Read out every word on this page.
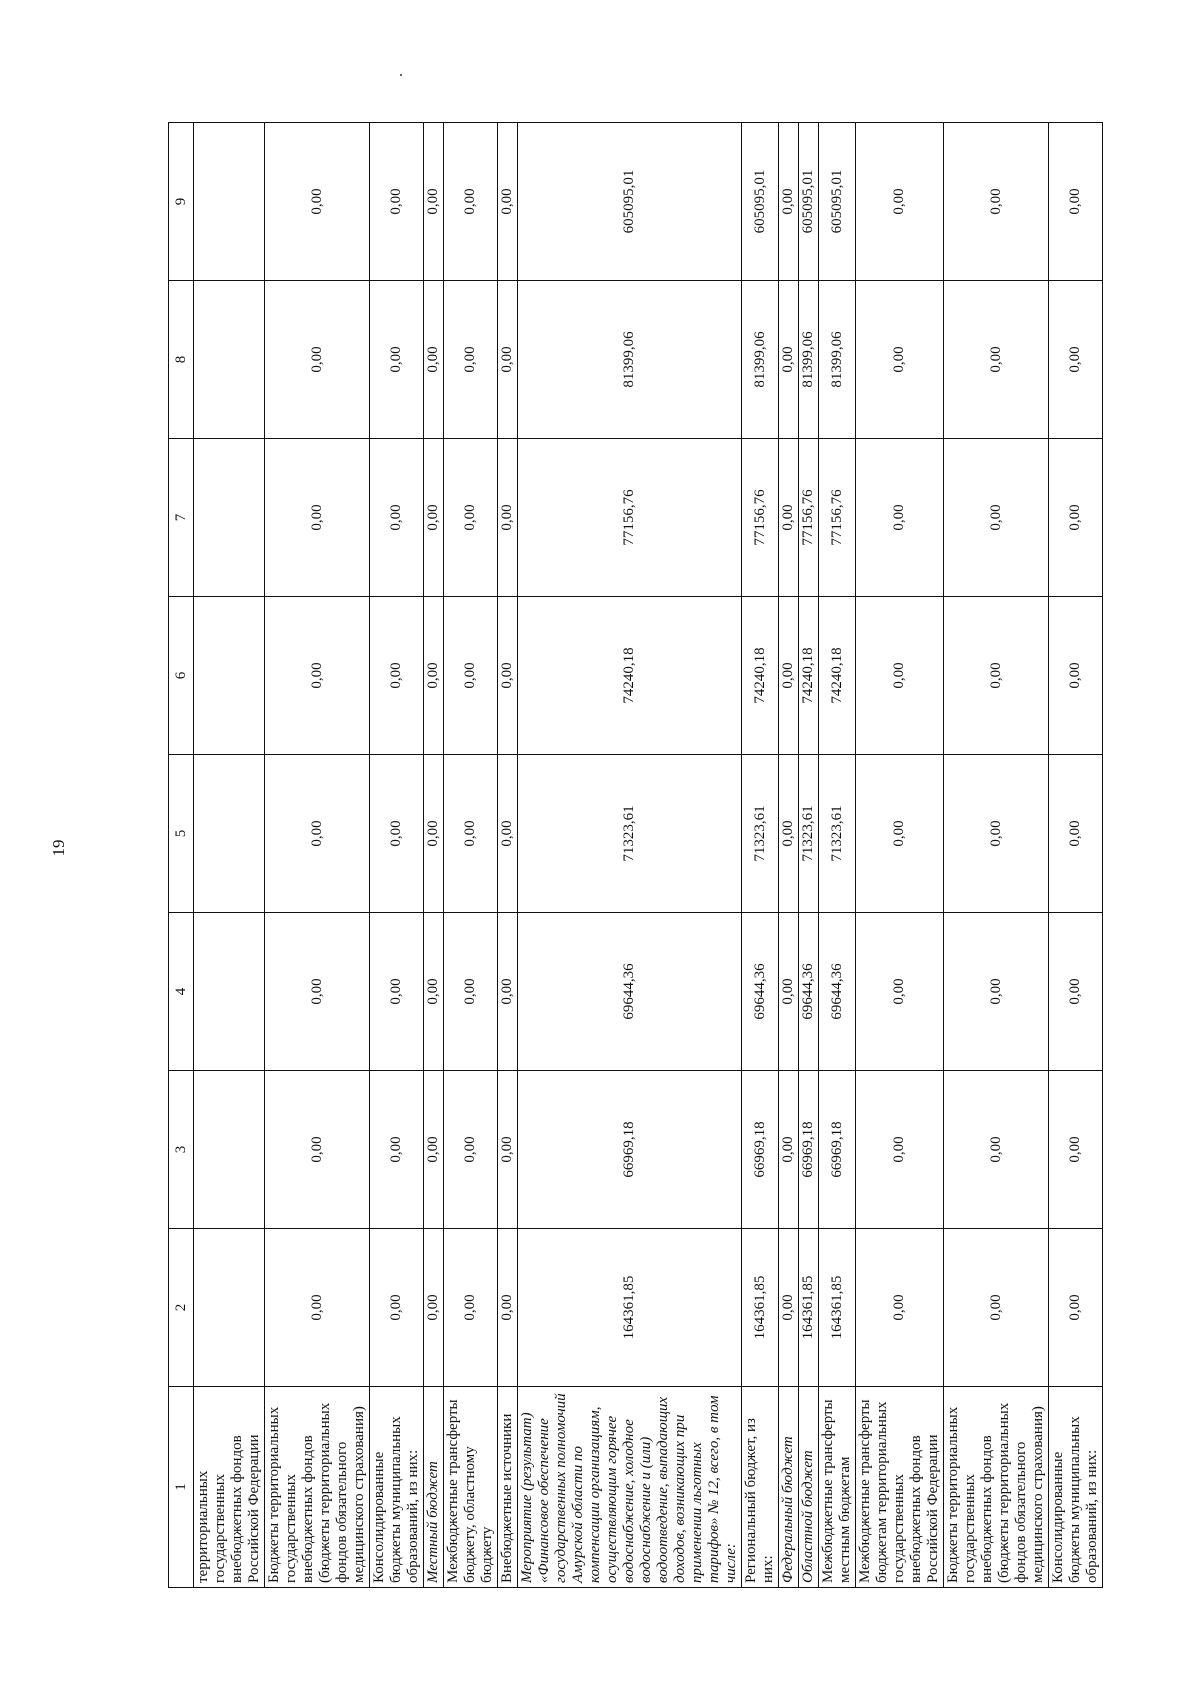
19
1	2	3	4	5	6	7	8	9
территориальных государственных внебюджетных фондов Российской Федерации								
Бюджеты территориальных государственных внебюджетных фондов (бюджеты территориальных фондов обязательного медицинского страхования)	0,00	0,00	0,00	0,00	0,00	0,00	0,00	0,00
Консолидированные бюджеты муниципальных образований, из них:	0,00	0,00	0,00	0,00	0,00	0,00	0,00	0,00
Местный бюджет	0,00	0,00	0,00	0,00	0,00	0,00	0,00	0,00
Межбюджетные трансферты бюджету, областному бюджету	0,00	0,00	0,00	0,00	0,00	0,00	0,00	0,00
Внебюджетные источники	0,00	0,00	0,00	0,00	0,00	0,00	0,00	0,00
Мероприятие (результат) «Финансовое обеспечение государственных полномочий Амурской области по компенсации организациям, осуществляющим горячее водоснабжение, холодное водоснабжение и (или) водоотведение, выпадающих доходов, возникающих при применении льготных тарифов» № 12, всего, в том числе:	164361,85	66969,18	69644,36	71323,61	74240,18	77156,76	81399,06	605095,01
Региональный бюджет, из них:	164361,85	66969,18	69644,36	71323,61	74240,18	77156,76	81399,06	605095,01
Федеральный бюджет	0,00	0,00	0,00	0,00	0,00	0,00	0,00	0,00
Областной бюджет	164361,85	66969,18	69644,36	71323,61	74240,18	77156,76	81399,06	605095,01
Межбюджетные трансферты местным бюджетам	164361,85	66969,18	69644,36	71323,61	74240,18	77156,76	81399,06	605095,01
Межбюджетные трансферты бюджетам территориальных государственных внебюджетных фондов Российской Федерации	0,00	0,00	0,00	0,00	0,00	0,00	0,00	0,00
Бюджеты территориальных государственных внебюджетных фондов (бюджеты территориальных фондов обязательного медицинского страхования)	0,00	0,00	0,00	0,00	0,00	0,00	0,00	0,00
Консолидированные бюджеты муниципальных образований, из них:	0,00	0,00	0,00	0,00	0,00	0,00	0,00	0,00
